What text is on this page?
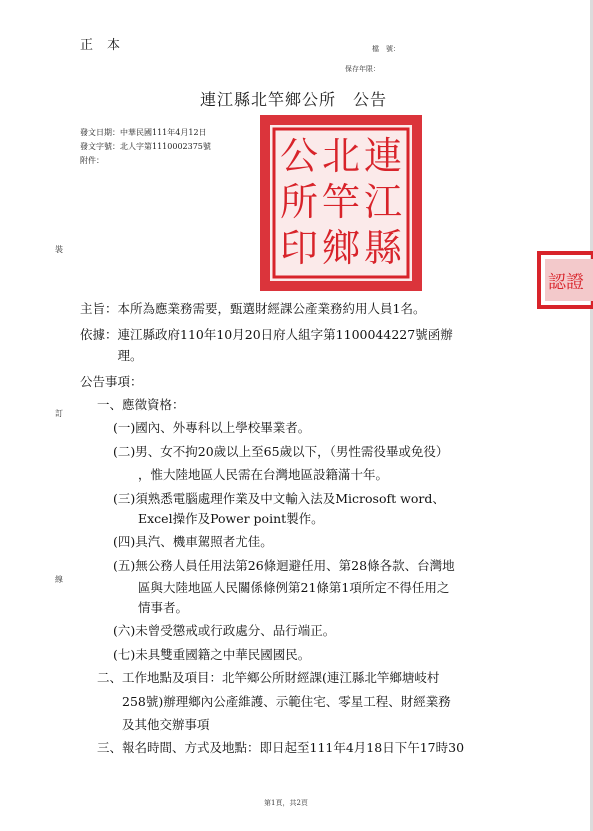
正本	檔　號：
保存年限：
連江縣北竿鄉公所　公告
發文日期：中華民國111年4月12日
發文字號：北人字第1110002375號
附件：
裝
訂
線
連
江
縣
北
竿
鄉
公
所
印
認證
主旨：本所為應業務需要，甄選財經課公產業務約用人員1名。
依據：連江縣政府110年10月20日府人組字第1100044227號函辦
　　　理。
公告事項：
一、應徵資格：
(一)國內、外專科以上學校畢業者。
(二)男、女不拘20歲以上至65歲以下，（男性需役畢或免役）
　　，惟大陸地區人民需在台灣地區設籍滿十年。
(三)須熟悉電腦處理作業及中文輸入法及Microsoft word、
　　Excel操作及Power point製作。
(四)具汽、機車駕照者尤佳。
(五)無公務人員任用法第26條迴避任用、第28條各款、台灣地
　　區與大陸地區人民關係條例第21條第1項所定不得任用之
　　情事者。
(六)未曾受懲戒或行政處分、品行端正。
(七)未具雙重國籍之中華民國國民。
二、工作地點及項目：北竿鄉公所財經課(連江縣北竿鄉塘岐村
　　258號)辦理鄉內公產維護、示範住宅、零星工程、財經業務
　　及其他交辦事項
三、報名時間、方式及地點：即日起至111年4月18日下午17時30
第1頁，共2頁
